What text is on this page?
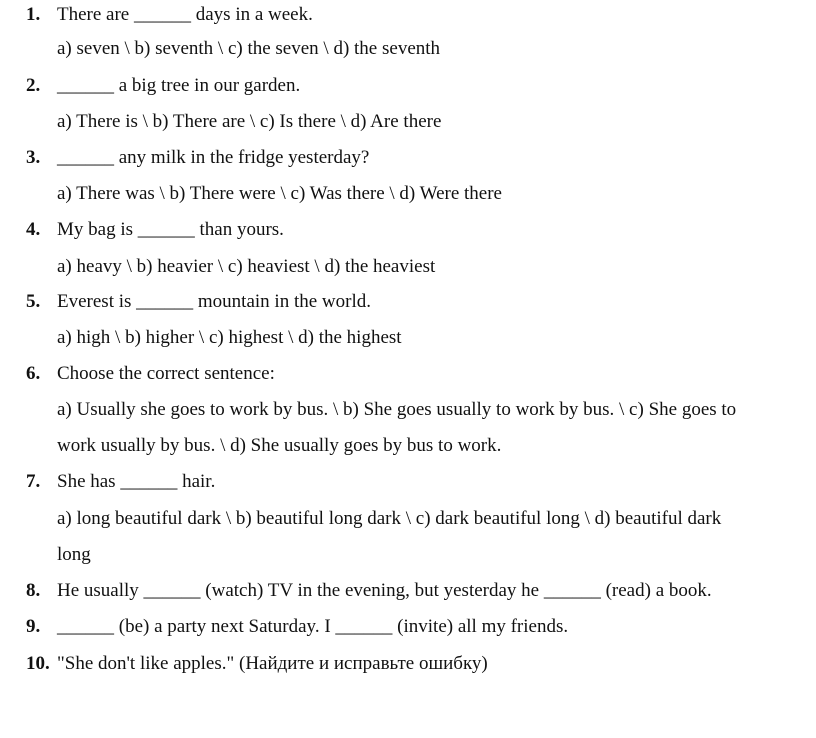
1. There are ______ days in a week.
a) seven \ b) seventh \ c) the seven \ d) the seventh
2. ______ a big tree in our garden.
a) There is \ b) There are \ c) Is there \ d) Are there
3. ______ any milk in the fridge yesterday?
a) There was \ b) There were \ c) Was there \ d) Were there
4. My bag is ______ than yours.
a) heavy \ b) heavier \ c) heaviest \ d) the heaviest
5. Everest is ______ mountain in the world.
a) high \ b) higher \ c) highest \ d) the highest
6. Choose the correct sentence:
a) Usually she goes to work by bus. \ b) She goes usually to work by bus. \ c) She goes to
work usually by bus. \ d) She usually goes by bus to work.
7. She has ______ hair.
a) long beautiful dark \ b) beautiful long dark \ c) dark beautiful long \ d) beautiful dark
long
8. He usually ______ (watch) TV in the evening, but yesterday he ______ (read) a book.
9. ______ (be) a party next Saturday. I ______ (invite) all my friends.
10. "She don't like apples." (Найдите и исправьте ошибку)
